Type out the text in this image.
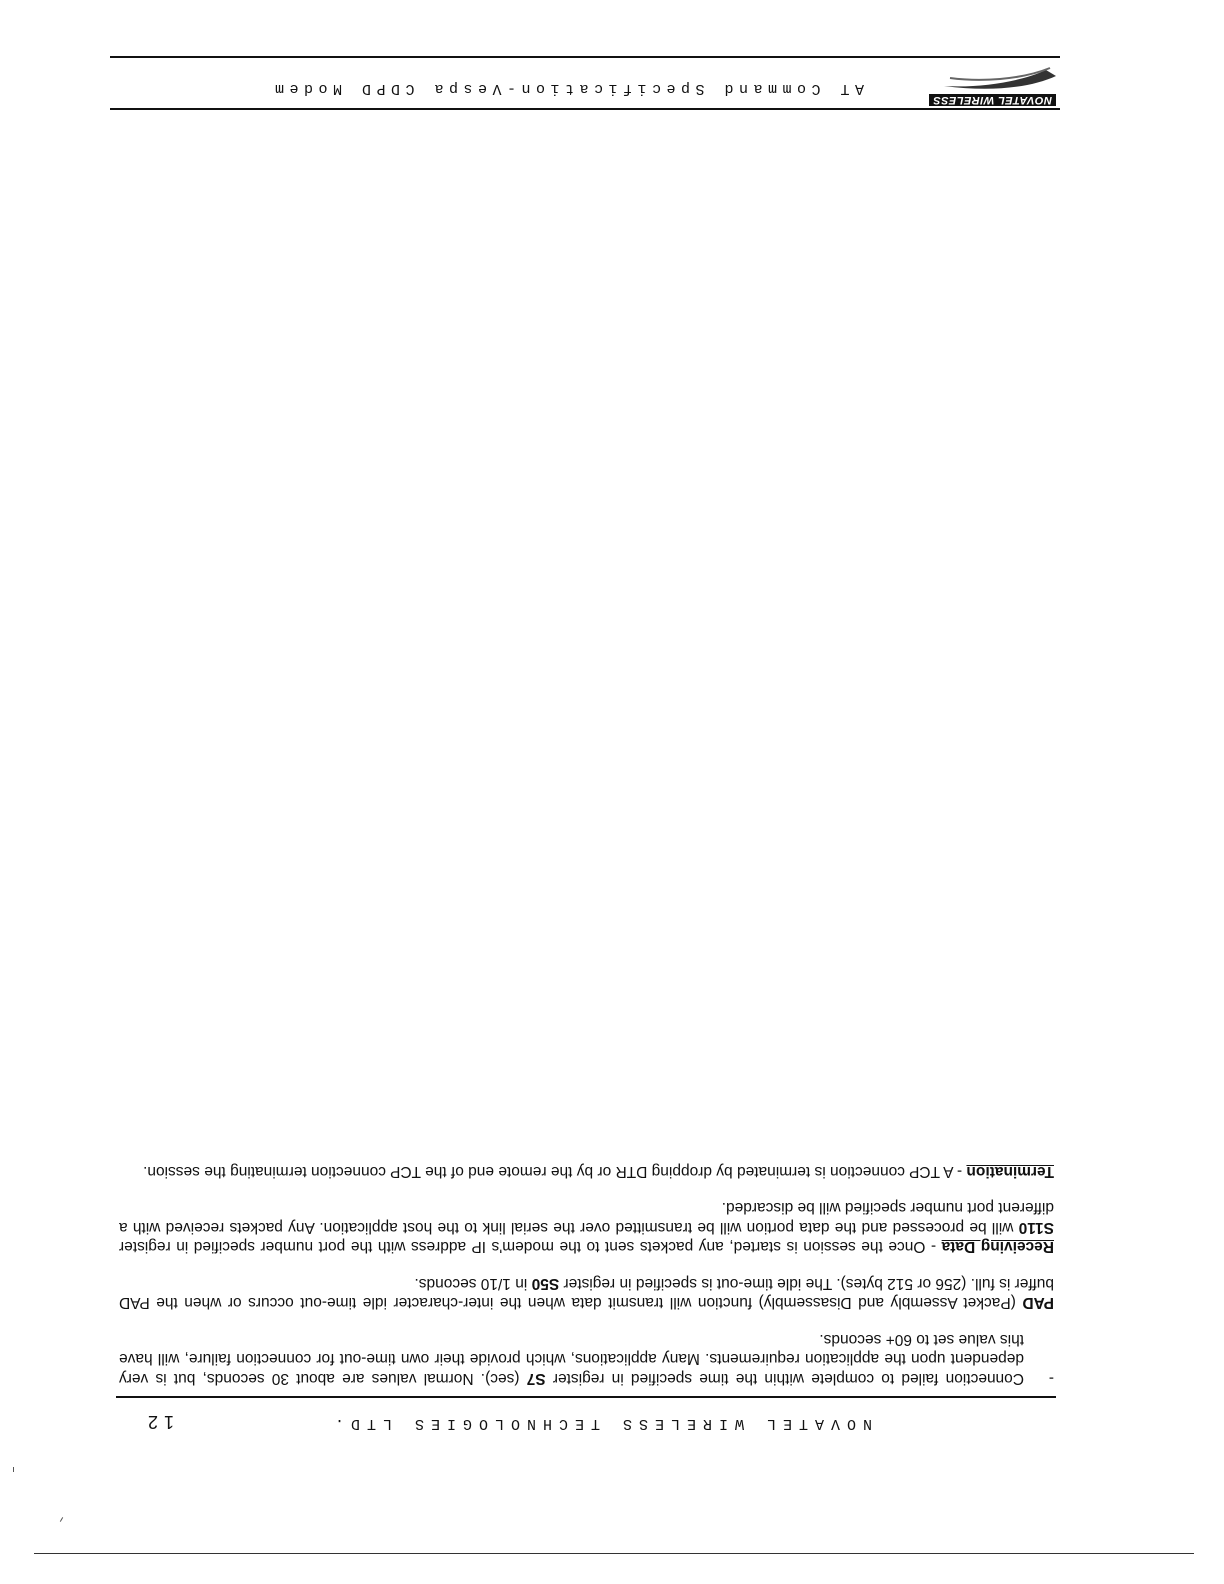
NOVATEL WIRELESS
AT Command Specification-Vespa CDPD Modem
-
Connection failed to complete within the time specified in register S7 (sec). Normal values are about 30 seconds, but is very dependent upon the application requirements. Many applications, which provide their own time-out for connection failure, will have this value set to 60+ seconds.
PAD (Packet Assembly and Disassembly) function will transmit data when the inter-character idle time-out occurs or when the PAD buffer is full. (256 or 512 bytes). The idle time-out is specified in register S50 in 1/10 seconds.
Receiving Data - Once the session is started, any packets sent to the modem's IP address with the port number specified in register S110 will be processed and the data portion will be transmitted over the serial link to the host application. Any packets received with a different port number specified will be discarded.
Termination - A TCP connection is terminated by dropping DTR or by the remote end of the TCP connection terminating the session.
NOVATEL WIRELESS TECHNOLOGIES LTD.
12
